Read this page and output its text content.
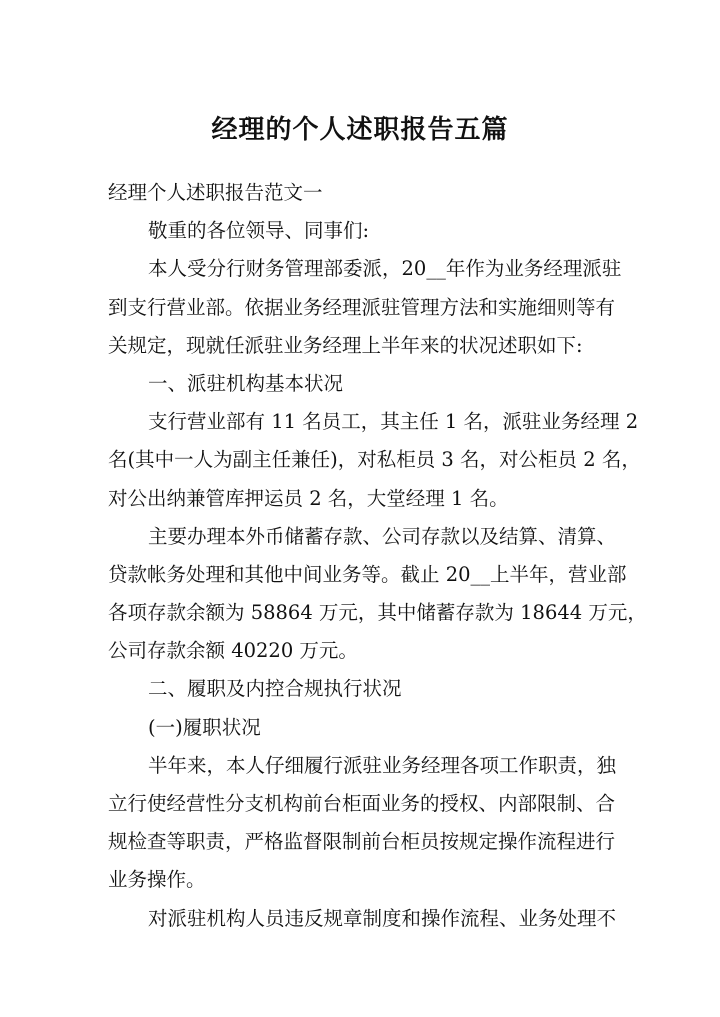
经理的个人述职报告五篇
经理个人述职报告范文一
敬重的各位领导、同事们:
本人受分行财务管理部委派，20__年作为业务经理派驻
到支行营业部。依据业务经理派驻管理方法和实施细则等有
关规定，现就任派驻业务经理上半年来的状况述职如下:
一、派驻机构基本状况
支行营业部有 11 名员工，其主任 1 名，派驻业务经理 2
名(其中一人为副主任兼任)，对私柜员 3 名，对公柜员 2 名，
对公出纳兼管库押运员 2 名，大堂经理 1 名。
主要办理本外币储蓄存款、公司存款以及结算、清算、
贷款帐务处理和其他中间业务等。截止 20__上半年，营业部
各项存款余额为 58864 万元，其中储蓄存款为 18644 万元，
公司存款余额 40220 万元。
二、履职及内控合规执行状况
(一)履职状况
半年来，本人仔细履行派驻业务经理各项工作职责，独
立行使经营性分支机构前台柜面业务的授权、内部限制、合
规检查等职责，严格监督限制前台柜员按规定操作流程进行
业务操作。
对派驻机构人员违反规章制度和操作流程、业务处理不
